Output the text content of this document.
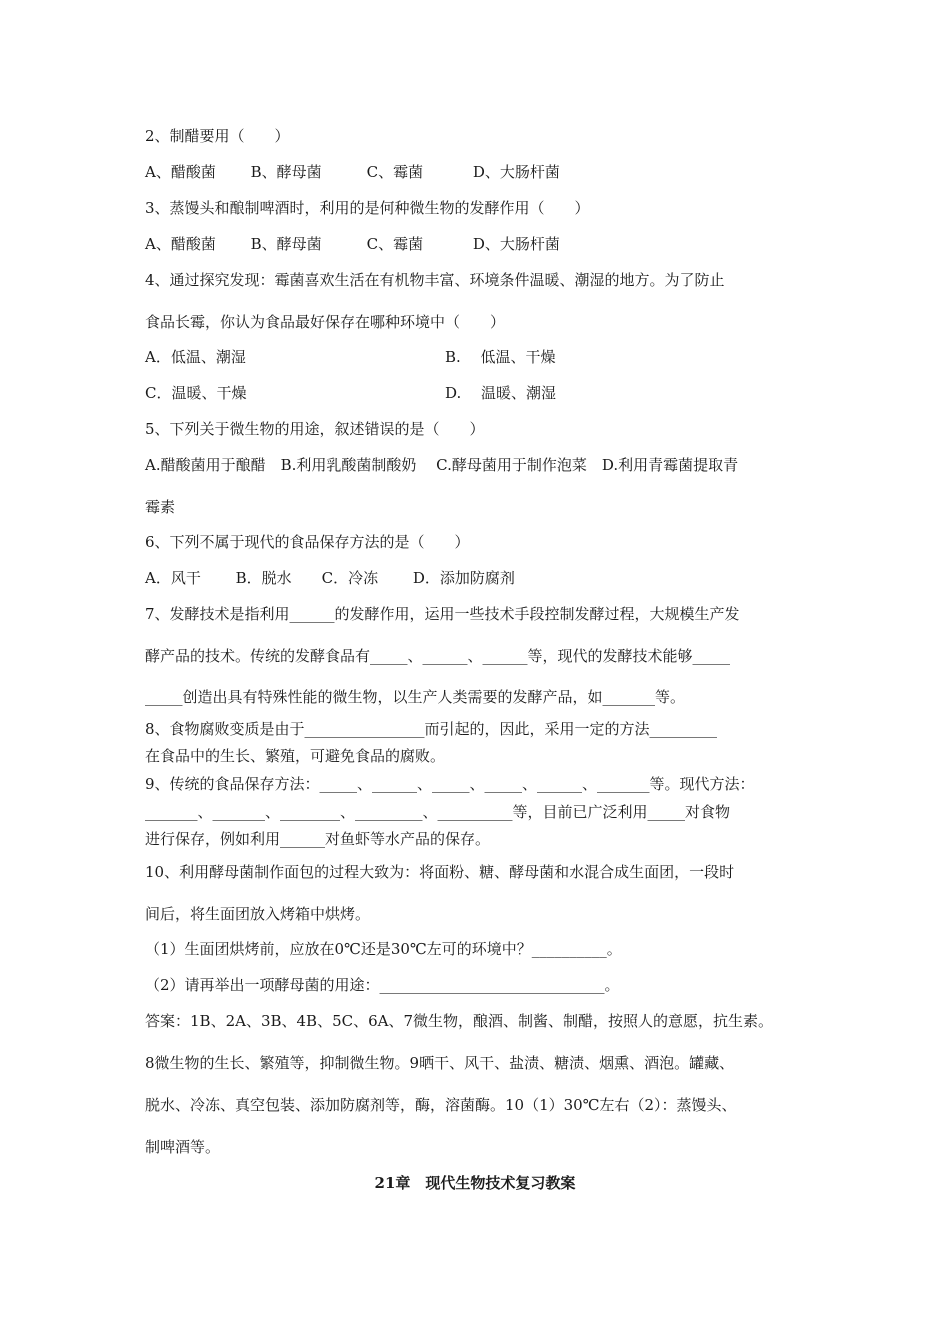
2、制醋要用（　　）
A、醋酸菌　　 B、酵母菌　　　C、霉菌　　　 D、大肠杆菌
3、蒸馒头和酿制啤酒时，利用的是何种微生物的发酵作用（　　）
A、醋酸菌　　 B、酵母菌　　　C、霉菌　　　 D、大肠杆菌
4、通过探究发现：霉菌喜欢生活在有机物丰富、环境条件温暖、潮湿的地方。为了防止
食品长霉，你认为食品最好保存在哪种环境中（　　）
A．低温、潮湿	B.　 低温、干燥
C．温暖、干燥	D.　 温暖、潮湿
5、下列关于微生物的用途，叙述错误的是（　　）
A.醋酸菌用于酿醋　B.利用乳酸菌制酸奶　 C.酵母菌用于制作泡菜　D.利用青霉菌提取青
霉素
6、下列不属于现代的食品保存方法的是（　　）
A．风干　　 B．脱水　　C．冷冻　　 D．添加防腐剂
7、发酵技术是指利用______的发酵作用，运用一些技术手段控制发酵过程，大规模生产发
酵产品的技术。传统的发酵食品有_____、______、______等，现代的发酵技术能够_____
_____创造出具有特殊性能的微生物，以生产人类需要的发酵产品，如_______等。
8、食物腐败变质是由于________________而引起的，因此，采用一定的方法_________
在食品中的生长、繁殖，可避免食品的腐败。
9、传统的食品保存方法：_____、______、_____、_____、______、_______等。现代方法：
_______、_______、________、_________、__________等，目前已广泛利用_____对食物
进行保存，例如利用______对鱼虾等水产品的保存。
10、利用酵母菌制作面包的过程大致为：将面粉、糖、酵母菌和水混合成生面团，一段时
间后，将生面团放入烤箱中烘烤。
（1）生面团烘烤前，应放在0℃还是30℃左可的环境中？__________。
（2）请再举出一项酵母菌的用途：______________________________。
答案：1B、2A、3B、4B、5C、6A、7微生物，酿酒、制酱、制醋，按照人的意愿，抗生素。
8微生物的生长、繁殖等，抑制微生物。9晒干、风干、盐渍、糖渍、烟熏、酒泡。罐藏、
脱水、冷冻、真空包装、添加防腐剂等，酶，溶菌酶。10（1）30℃左右（2）：蒸馒头、
制啤酒等。
21章　现代生物技术复习教案
